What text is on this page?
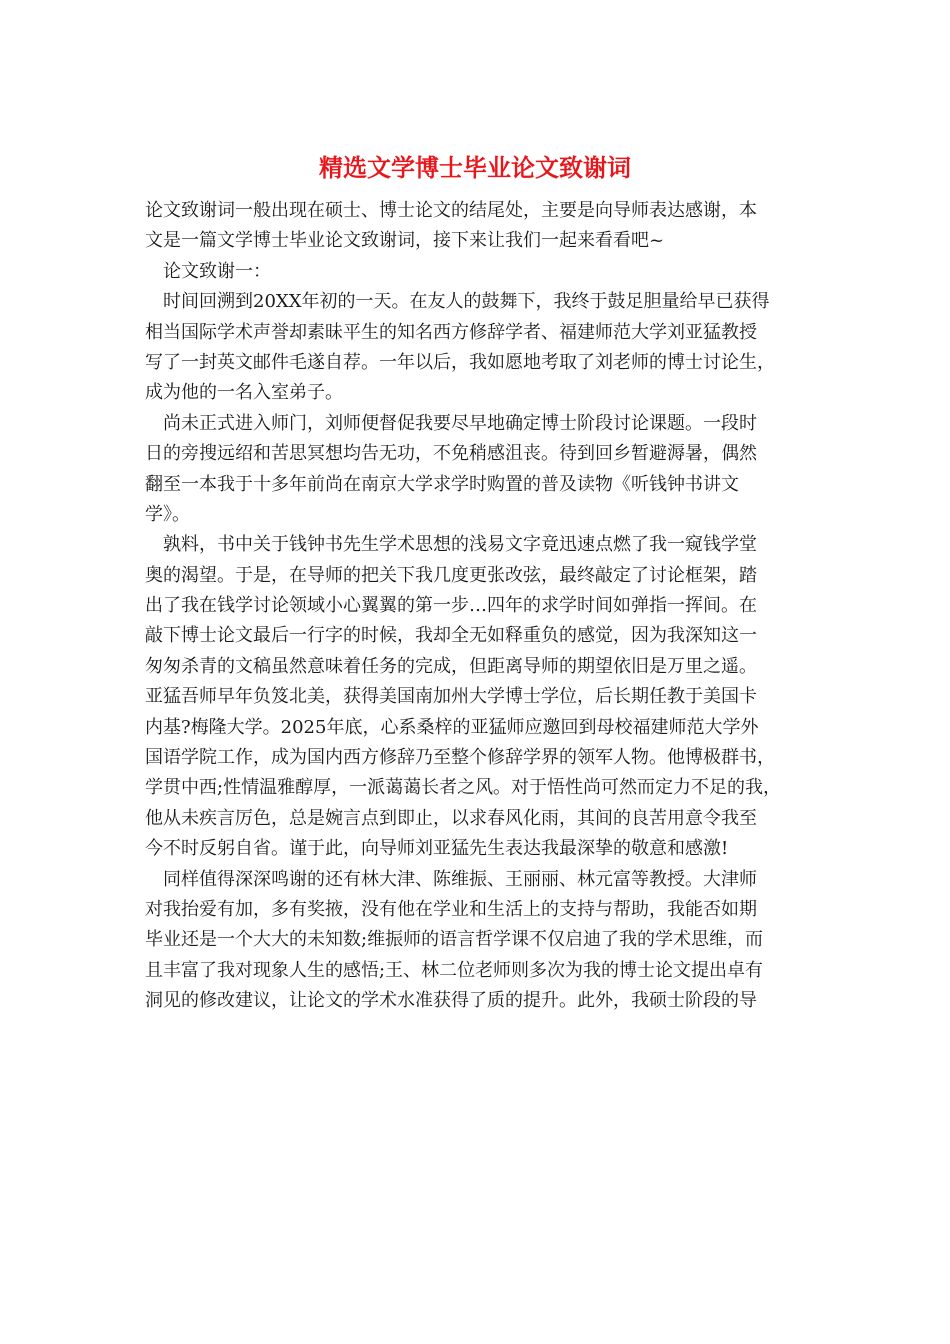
精选文学博士毕业论文致谢词
论文致谢词一般出现在硕士、博士论文的结尾处，主要是向导师表达感谢，本
文是一篇文学博士毕业论文致谢词，接下来让我们一起来看看吧~
　论文致谢一：
　时间回溯到20XX年初的一天。在友人的鼓舞下，我终于鼓足胆量给早已获得
相当国际学术声誉却素昧平生的知名西方修辞学者、福建师范大学刘亚猛教授
写了一封英文邮件毛遂自荐。一年以后，我如愿地考取了刘老师的博士讨论生，
成为他的一名入室弟子。
　尚未正式进入师门，刘师便督促我要尽早地确定博士阶段讨论课题。一段时
日的旁搜远绍和苦思冥想均告无功，不免稍感沮丧。待到回乡暂避溽暑，偶然
翻至一本我于十多年前尚在南京大学求学时购置的普及读物《听钱钟书讲文
学》。
　孰料，书中关于钱钟书先生学术思想的浅易文字竟迅速点燃了我一窥钱学堂
奥的渴望。于是，在导师的把关下我几度更张改弦，最终敲定了讨论框架，踏
出了我在钱学讨论领域小心翼翼的第一步…四年的求学时间如弹指一挥间。在
敲下博士论文最后一行字的时候，我却全无如释重负的感觉，因为我深知这一
匆匆杀青的文稿虽然意味着任务的完成，但距离导师的期望依旧是万里之遥。
亚猛吾师早年负笈北美，获得美国南加州大学博士学位，后长期任教于美国卡
内基?梅隆大学。2025年底，心系桑梓的亚猛师应邀回到母校福建师范大学外
国语学院工作，成为国内西方修辞乃至整个修辞学界的领军人物。他博极群书，
学贯中西;性情温雅醇厚，一派蔼蔼长者之风。对于悟性尚可然而定力不足的我，
他从未疾言厉色，总是婉言点到即止，以求春风化雨，其间的良苦用意令我至
今不时反躬自省。谨于此，向导师刘亚猛先生表达我最深挚的敬意和感激!
　同样值得深深鸣谢的还有林大津、陈维振、王丽丽、林元富等教授。大津师
对我抬爱有加，多有奖掖，没有他在学业和生活上的支持与帮助，我能否如期
毕业还是一个大大的未知数;维振师的语言哲学课不仅启迪了我的学术思维，而
且丰富了我对现象人生的感悟;王、林二位老师则多次为我的博士论文提出卓有
洞见的修改建议，让论文的学术水准获得了质的提升。此外，我硕士阶段的导
